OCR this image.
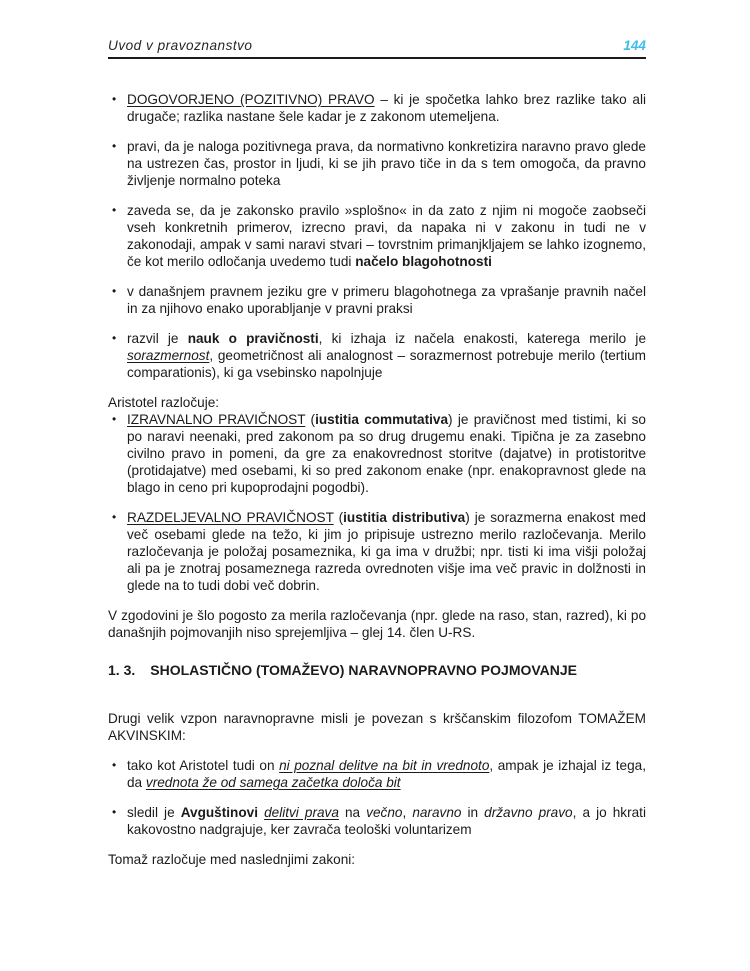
Uvod v pravoznanstvo	144
• DOGOVORJENO (POZITIVNO) PRAVO – ki je spočetka lahko brez razlike tako ali drugače; razlika nastane šele kadar je z zakonom utemeljena.
• pravi, da je naloga pozitivnega prava, da normativno konkretizira naravno pravo glede na ustrezen čas, prostor in ljudi, ki se jih pravo tiče in da s tem omogoča, da pravno življenje normalno poteka
• zaveda se, da je zakonsko pravilo »splošno« in da zato z njim ni mogoče zaobseči vseh konkretnih primerov, izrecno pravi, da napaka ni v zakonu in tudi ne v zakonodaji, ampak v sami naravi stvari – tovrstnim primanjkljajem se lahko izognemo, če kot merilo odločanja uvedemo tudi načelo blagohotnosti
• v današnjem pravnem jeziku gre v primeru blagohotnega za vprašanje pravnih načel in za njihovo enako uporabljanje v pravni praksi
• razvil je nauk o pravičnosti, ki izhaja iz načela enakosti, katerega merilo je sorazmernost, geometričnost ali analognost – sorazmernost potrebuje merilo (tertium comparationis), ki ga vsebinsko napolnjuje
Aristotel razločuje:
• IZRAVNALNO PRAVIČNOST (iustitia commutativa) je pravičnost med tistimi, ki so po naravi neenaki, pred zakonom pa so drug drugemu enaki. Tipična je za zasebno civilno pravo in pomeni, da gre za enakovrednost storitve (dajatve) in protistoritve (protidajatve) med osebami, ki so pred zakonom enake (npr. enakopravnost glede na blago in ceno pri kupoprodajni pogodbi).
• RAZDELJEVALNO PRAVIČNOST (iustitia distributiva) je sorazmerna enakost med več osebami glede na težo, ki jim jo pripisuje ustrezno merilo razločevanja. Merilo razločevanja je položaj posameznika, ki ga ima v družbi; npr. tisti ki ima višji položaj ali pa je znotraj posameznega razreda ovrednoten višje ima več pravic in dolžnosti in glede na to tudi dobi več dobrin.
V zgodovini je šlo pogosto za merila razločevanja (npr. glede na raso, stan, razred), ki po današnjih pojmovanjih niso sprejemljiva – glej 14. člen U-RS.
1. 3. SHOLASTIČNO (TOMAŽEVO) NARAVNOPRAVNO POJMOVANJE
Drugi velik vzpon naravnopravne misli je povezan s krščanskim filozofom TOMAŽEM AKVINSKIM:
• tako kot Aristotel tudi on ni poznal delitve na bit in vrednoto, ampak je izhajal iz tega, da vrednota že od samega začetka določa bit
• sledil je Avguštinovi delitvi prava na večno, naravno in državno pravo, a jo hkrati kakovostno nadgrajuje, ker zavrača teološki voluntarizem
Tomaž razločuje med naslednjimi zakoni:
